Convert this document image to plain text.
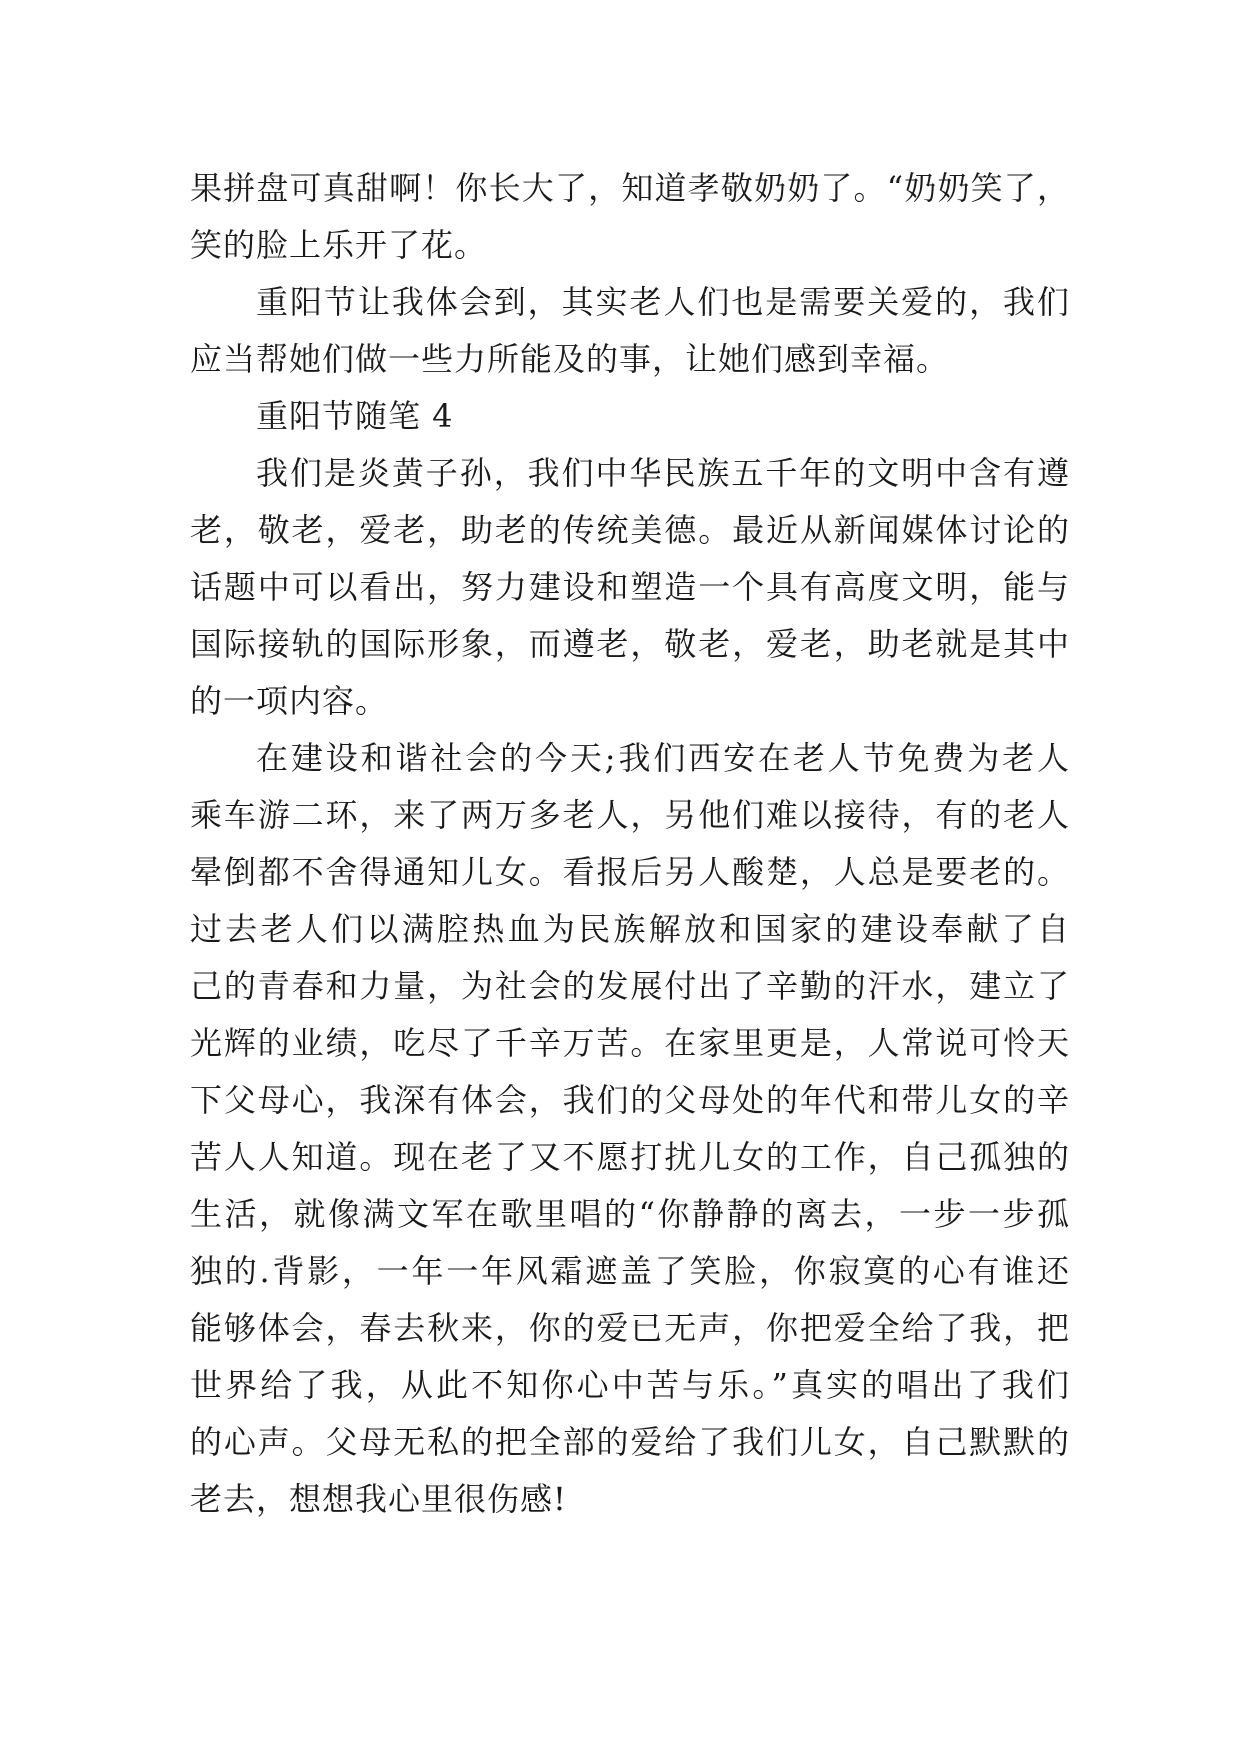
果拼盘可真甜啊！你长大了，知道孝敬奶奶了。“奶奶笑了，
笑的脸上乐开了花。
重阳节让我体会到，其实老人们也是需要关爱的，我们
应当帮她们做一些力所能及的事，让她们感到幸福。
重阳节随笔 4
我们是炎黄子孙，我们中华民族五千年的文明中含有遵
老，敬老，爱老，助老的传统美德。最近从新闻媒体讨论的
话题中可以看出，努力建设和塑造一个具有高度文明，能与
国际接轨的国际形象，而遵老，敬老，爱老，助老就是其中
的一项内容。
在建设和谐社会的今天;我们西安在老人节免费为老人
乘车游二环，来了两万多老人，另他们难以接待，有的老人
晕倒都不舍得通知儿女。看报后另人酸楚，人总是要老的。
过去老人们以满腔热血为民族解放和国家的建设奉献了自
己的青春和力量，为社会的发展付出了辛勤的汗水，建立了
光辉的业绩，吃尽了千辛万苦。在家里更是，人常说可怜天
下父母心，我深有体会，我们的父母处的年代和带儿女的辛
苦人人知道。现在老了又不愿打扰儿女的工作，自己孤独的
生活，就像满文军在歌里唱的“你静静的离去，一步一步孤
独的.背影，一年一年风霜遮盖了笑脸，你寂寞的心有谁还
能够体会，春去秋来，你的爱已无声，你把爱全给了我，把
世界给了我，从此不知你心中苦与乐。”真实的唱出了我们
的心声。父母无私的把全部的爱给了我们儿女，自己默默的
老去，想想我心里很伤感!
